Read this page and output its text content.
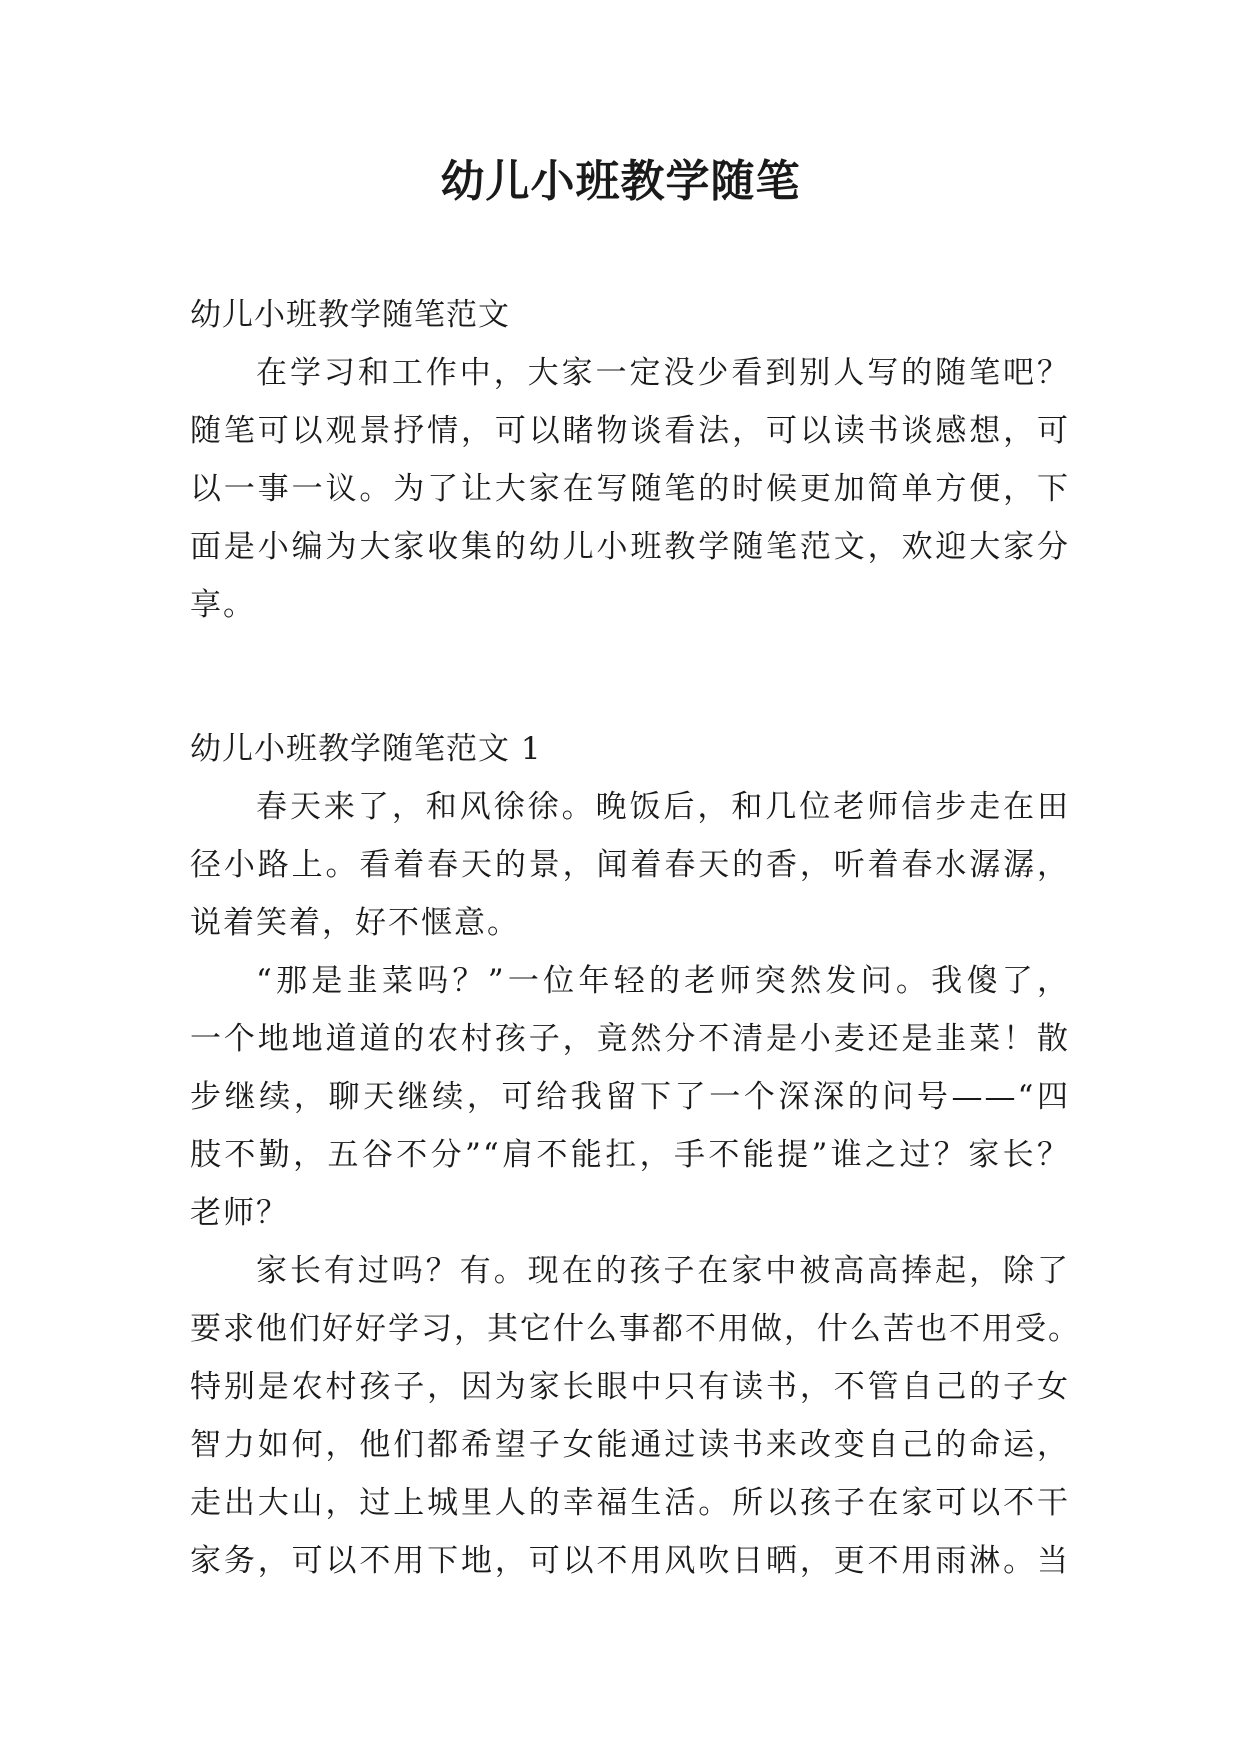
幼儿小班教学随笔

幼儿小班教学随笔范文

在学习和工作中，大家一定没少看到别人写的随笔吧？

随笔可以观景抒情，可以睹物谈看法，可以读书谈感想，可

以一事一议。为了让大家在写随笔的时候更加简单方便，下

面是小编为大家收集的幼儿小班教学随笔范文，欢迎大家分

享。

幼儿小班教学随笔范文 1

春天来了，和风徐徐。晚饭后，和几位老师信步走在田

径小路上。看着春天的景，闻着春天的香，听着春水潺潺，

说着笑着，好不惬意。

“那是韭菜吗？”一位年轻的老师突然发问。我傻了，

一个地地道道的农村孩子，竟然分不清是小麦还是韭菜！散

步继续，聊天继续，可给我留下了一个深深的问号——“四

肢不勤，五谷不分”“肩不能扛，手不能提”谁之过？家长？

老师？

家长有过吗？有。现在的孩子在家中被高高捧起，除了

要求他们好好学习，其它什么事都不用做，什么苦也不用受。

特别是农村孩子，因为家长眼中只有读书，不管自己的子女

智力如何，他们都希望子女能通过读书来改变自己的命运，

走出大山，过上城里人的幸福生活。所以孩子在家可以不干

家务，可以不用下地，可以不用风吹日晒，更不用雨淋。当
